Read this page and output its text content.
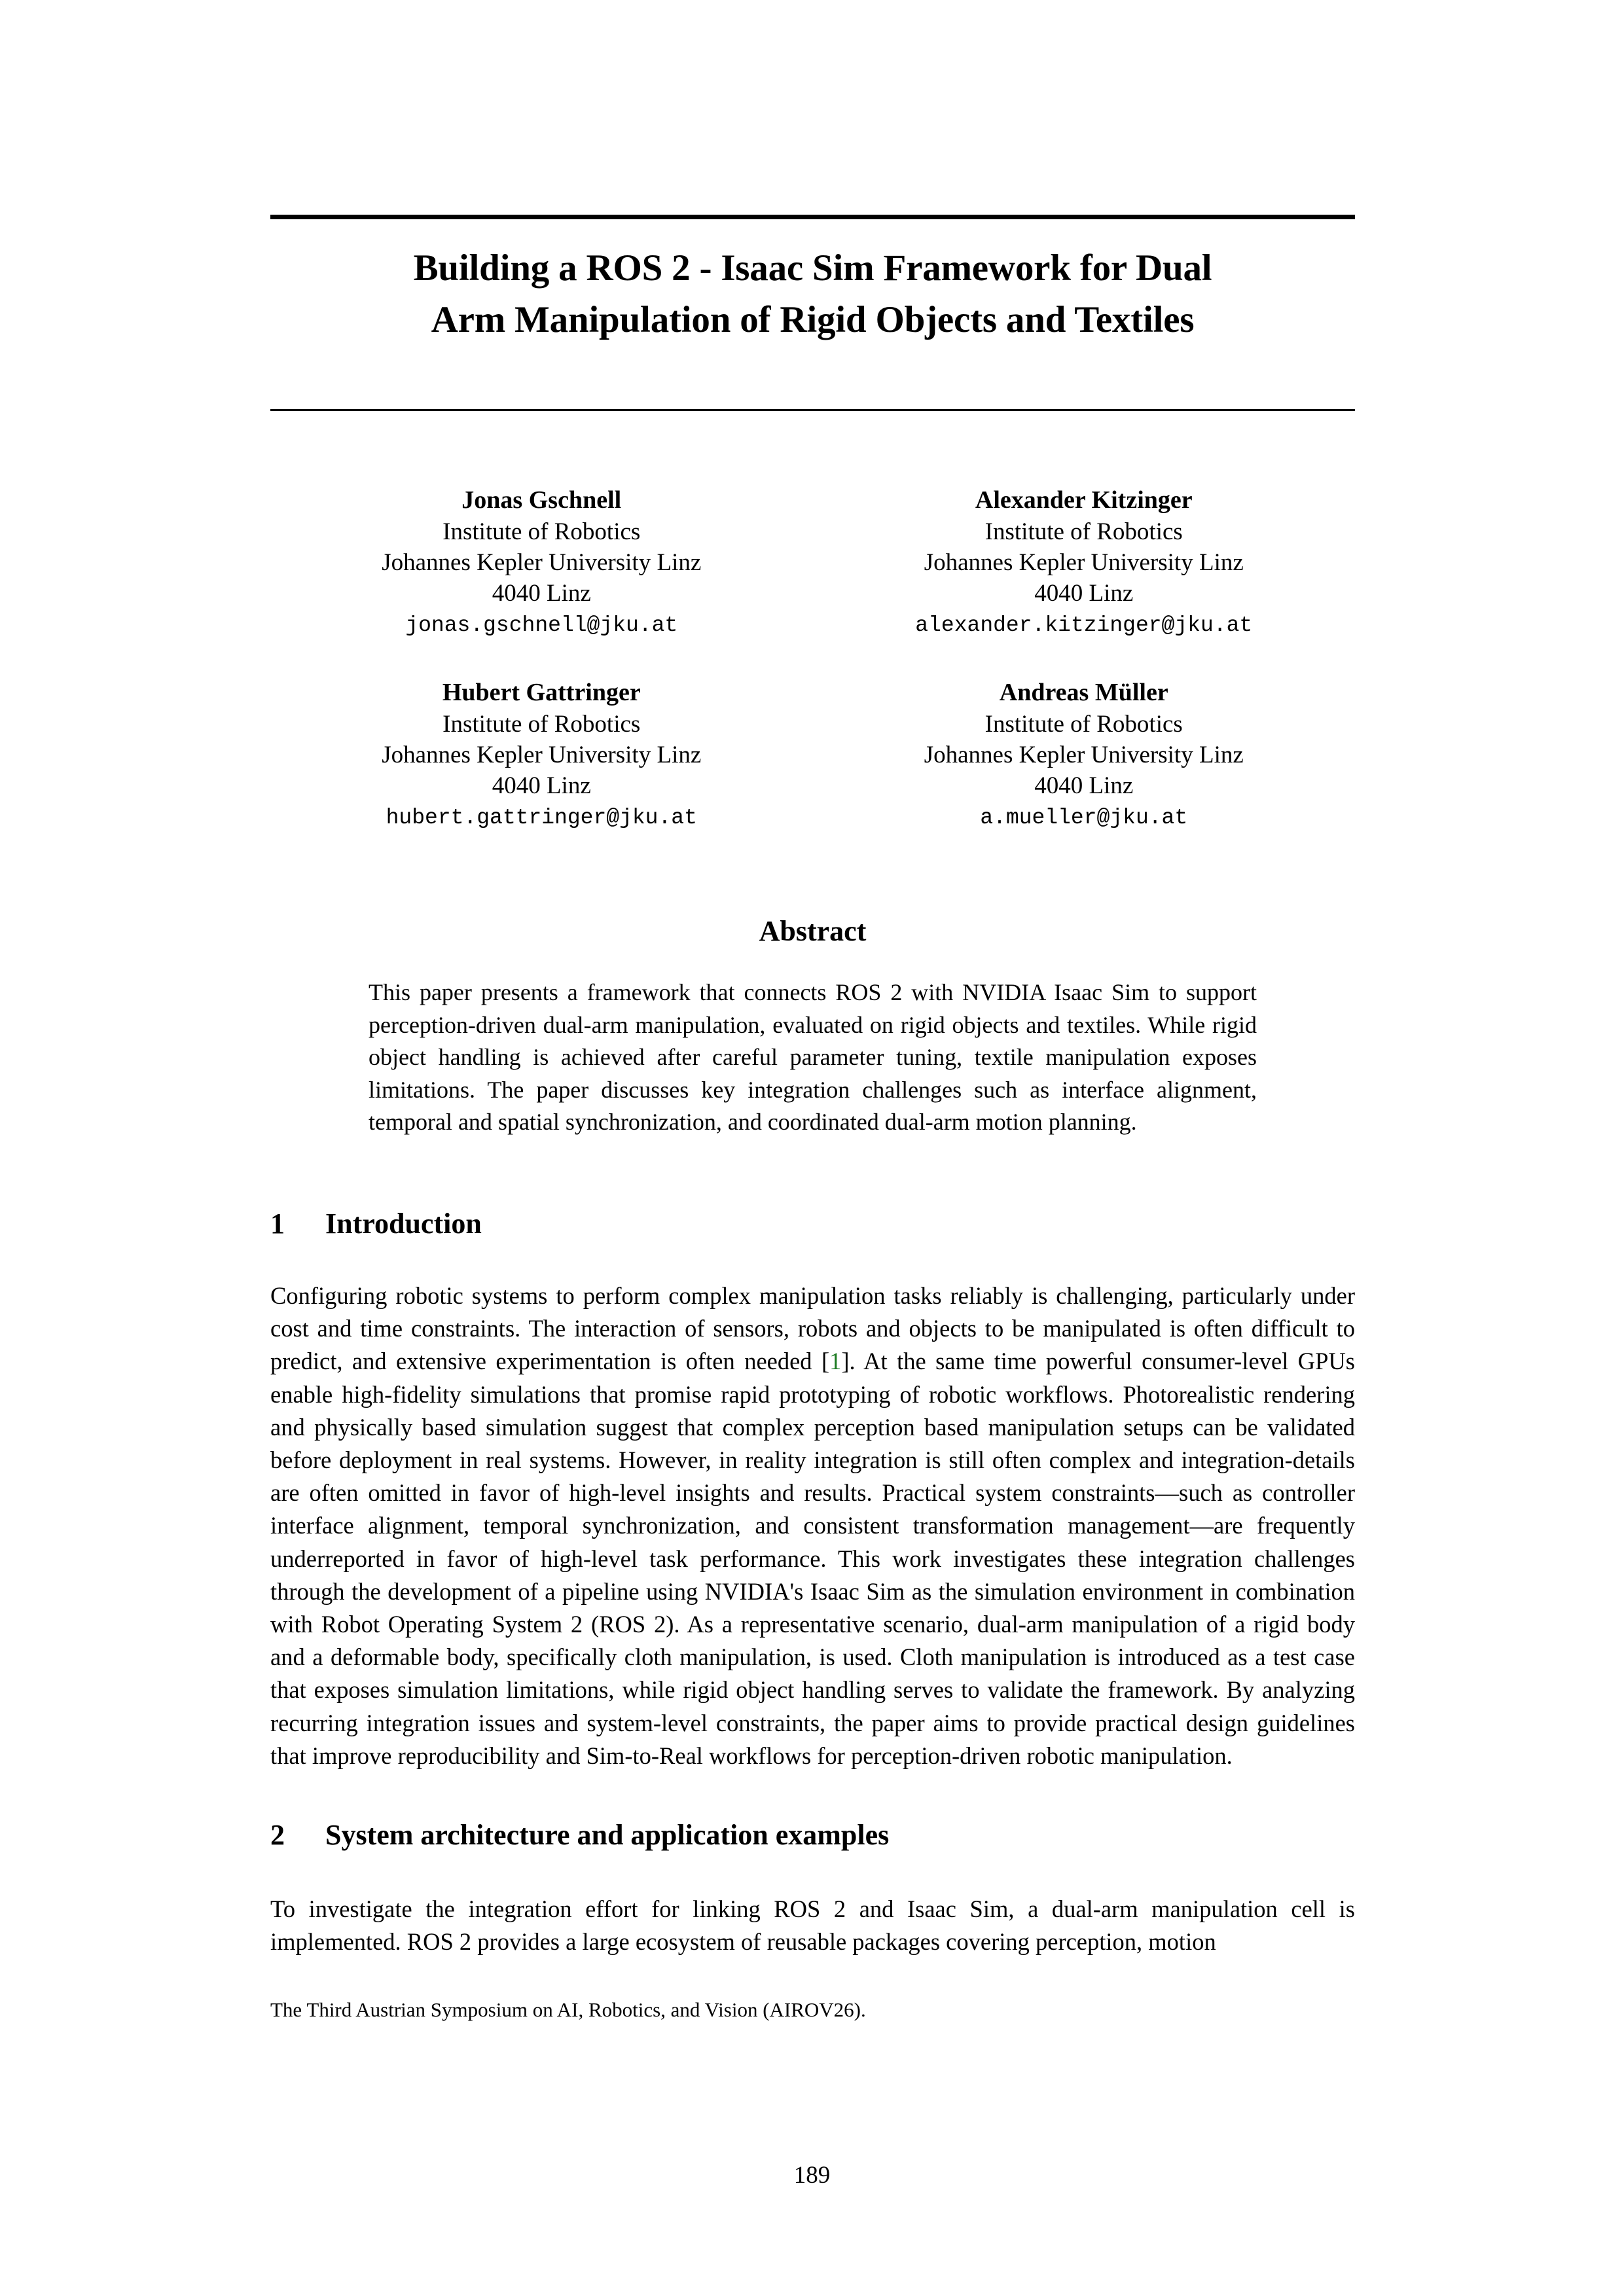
Building a ROS 2 - Isaac Sim Framework for Dual
Arm Manipulation of Rigid Objects and Textiles
Jonas Gschnell
Institute of Robotics
Johannes Kepler University Linz
4040 Linz
jonas.gschnell@jku.at
Alexander Kitzinger
Institute of Robotics
Johannes Kepler University Linz
4040 Linz
alexander.kitzinger@jku.at
Hubert Gattringer
Institute of Robotics
Johannes Kepler University Linz
4040 Linz
hubert.gattringer@jku.at
Andreas Müller
Institute of Robotics
Johannes Kepler University Linz
4040 Linz
a.mueller@jku.at
Abstract
This paper presents a framework that connects ROS 2 with NVIDIA Isaac Sim to support perception-driven dual-arm manipulation, evaluated on rigid objects and textiles. While rigid object handling is achieved after careful parameter tuning, textile manipulation exposes limitations. The paper discusses key integration challenges such as interface alignment, temporal and spatial synchronization, and coordinated dual-arm motion planning.
1 Introduction
Configuring robotic systems to perform complex manipulation tasks reliably is challenging, particularly under cost and time constraints. The interaction of sensors, robots and objects to be manipulated is often difficult to predict, and extensive experimentation is often needed [1]. At the same time powerful consumer-level GPUs enable high-fidelity simulations that promise rapid prototyping of robotic workflows. Photorealistic rendering and physically based simulation suggest that complex perception based manipulation setups can be validated before deployment in real systems. However, in reality integration is still often complex and integration-details are often omitted in favor of high-level insights and results. Practical system constraints—such as controller interface alignment, temporal synchronization, and consistent transformation management—are frequently underreported in favor of high-level task performance. This work investigates these integration challenges through the development of a pipeline using NVIDIA's Isaac Sim as the simulation environment in combination with Robot Operating System 2 (ROS 2). As a representative scenario, dual-arm manipulation of a rigid body and a deformable body, specifically cloth manipulation, is used. Cloth manipulation is introduced as a test case that exposes simulation limitations, while rigid object handling serves to validate the framework. By analyzing recurring integration issues and system-level constraints, the paper aims to provide practical design guidelines that improve reproducibility and Sim-to-Real workflows for perception-driven robotic manipulation.
2 System architecture and application examples
To investigate the integration effort for linking ROS 2 and Isaac Sim, a dual-arm manipulation cell is implemented. ROS 2 provides a large ecosystem of reusable packages covering perception, motion
The Third Austrian Symposium on AI, Robotics, and Vision (AIROV26).
189
